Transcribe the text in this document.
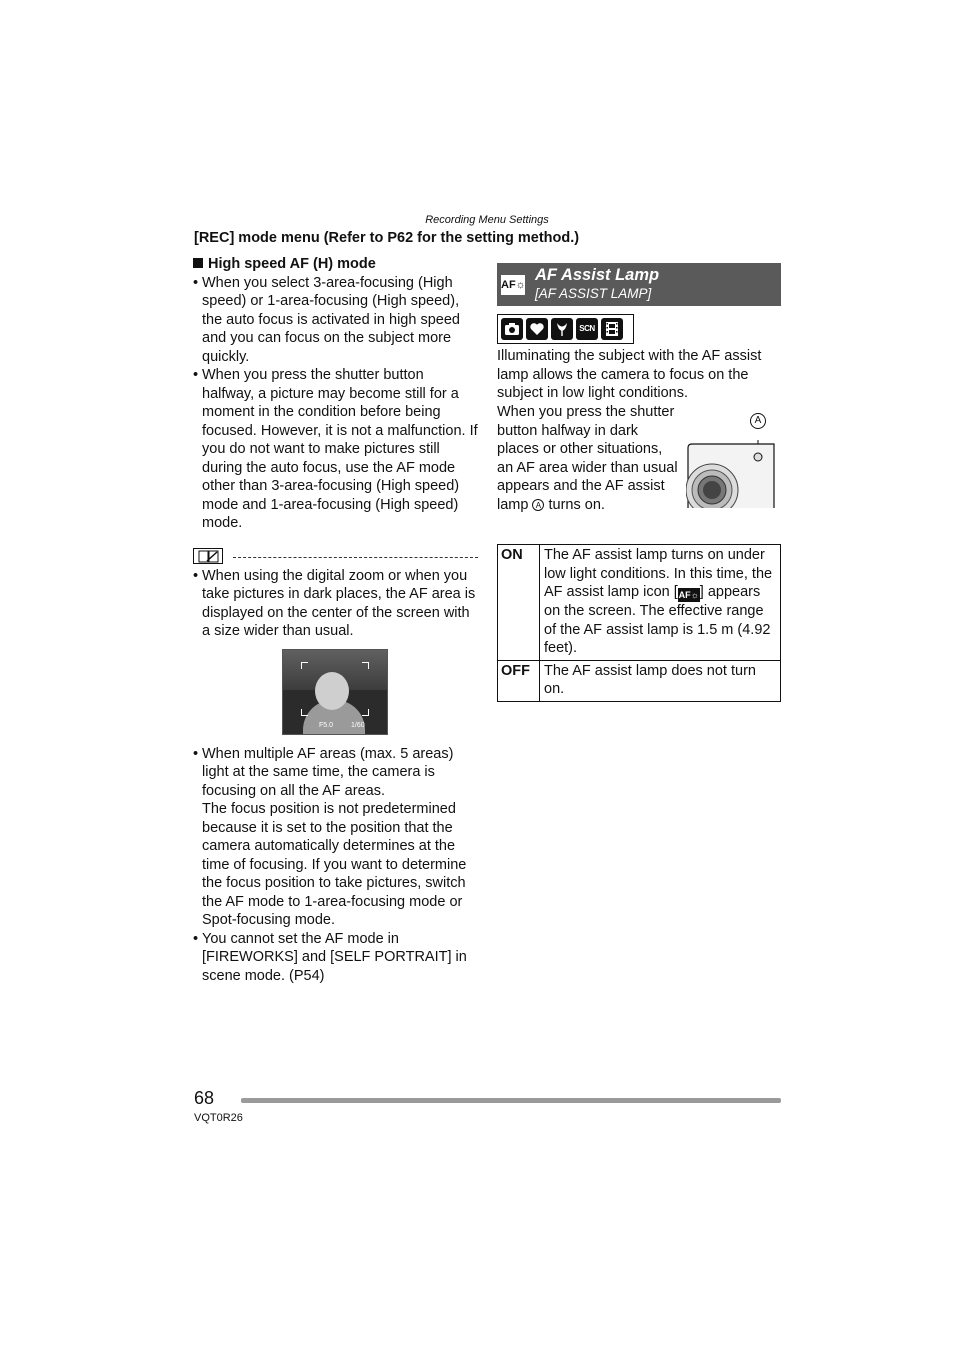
Recording Menu Settings
[REC] mode menu (Refer to P62 for the setting method.)
High speed AF (H) mode

• When you select 3-area-focusing (High speed) or 1-area-focusing (High speed), the auto focus is activated in high speed and you can focus on the subject more quickly.

• When you press the shutter button halfway, a picture may become still for a moment in the condition before being focused. However, it is not a malfunction. If you do not want to make pictures still during the auto focus, use the AF mode other than 3-area-focusing (High speed) mode and 1-area-focusing (High speed) mode.

• When using the digital zoom or when you take pictures in dark places, the AF area is displayed on the center of the screen with a size wider than usual.

F5.0	1/60

• When multiple AF areas (max. 5 areas) light at the same time, the camera is focusing on all the AF areas.

The focus position is not predetermined because it is set to the position that the camera automatically determines at the time of focusing. If you want to determine the focus position to take pictures, switch the AF mode to 1-area-focusing mode or Spot-focusing mode.

• You cannot set the AF mode in [FIREWORKS] and [SELF PORTRAIT] in scene mode. (P54)

AF☼
AF Assist Lamp
[AF ASSIST LAMP]
SCN

Illuminating the subject with the AF assist lamp allows the camera to focus on the subject in low light conditions.

When you press the shutter button halfway in dark places or other situations, an AF area wider than usual appears and the AF assist lamp A turns on.

A
ON	The AF assist lamp turns on under low light conditions. In this time, the AF assist lamp icon [AF☼] appears on the screen. The effective range of the AF assist lamp is 1.5 m (4.92 feet).
OFF	The AF assist lamp does not turn on.
68
VQT0R26
